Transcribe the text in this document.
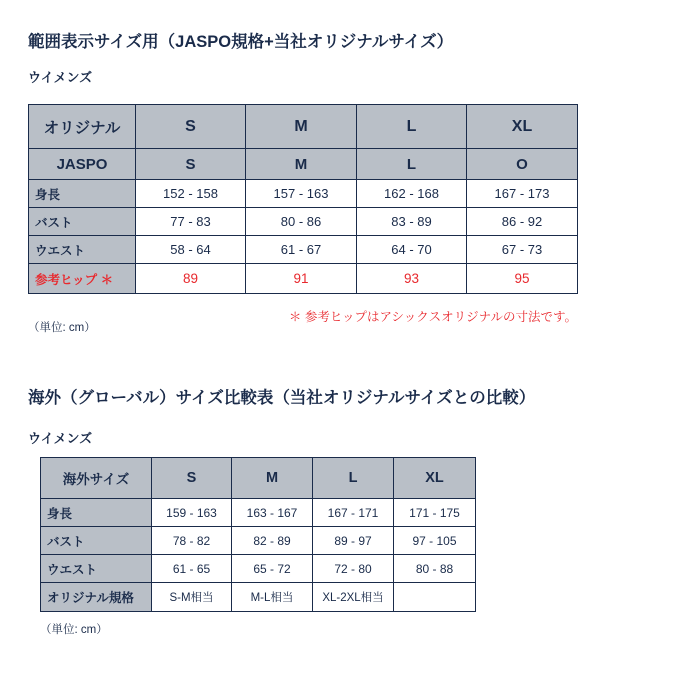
範囲表示サイズ用（JASPO規格+当社オリジナルサイズ）
ウイメンズ
オリジナル	S	M	L	XL
JASPO	S	M	L	O
身長	152 - 158	157 - 163	162 - 168	167 - 173
バスト	77 - 83	80 - 86	83 - 89	86 - 92
ウエスト	58 - 64	61 - 67	64 - 70	67 - 73
参考ヒップ ＊	89	91	93	95
＊ 参考ヒップはアシックスオリジナルの寸法です。
（単位: cm）
海外（グローバル）サイズ比較表（当社オリジナルサイズとの比較）
ウイメンズ
海外サイズ	S	M	L	XL
身長	159 - 163	163 - 167	167 - 171	171 - 175
バスト	78 - 82	82 - 89	89 - 97	97 - 105
ウエスト	61 - 65	65 - 72	72 - 80	80 - 88
オリジナル規格	S-M相当	M-L相当	XL-2XL相当	
（単位: cm）
